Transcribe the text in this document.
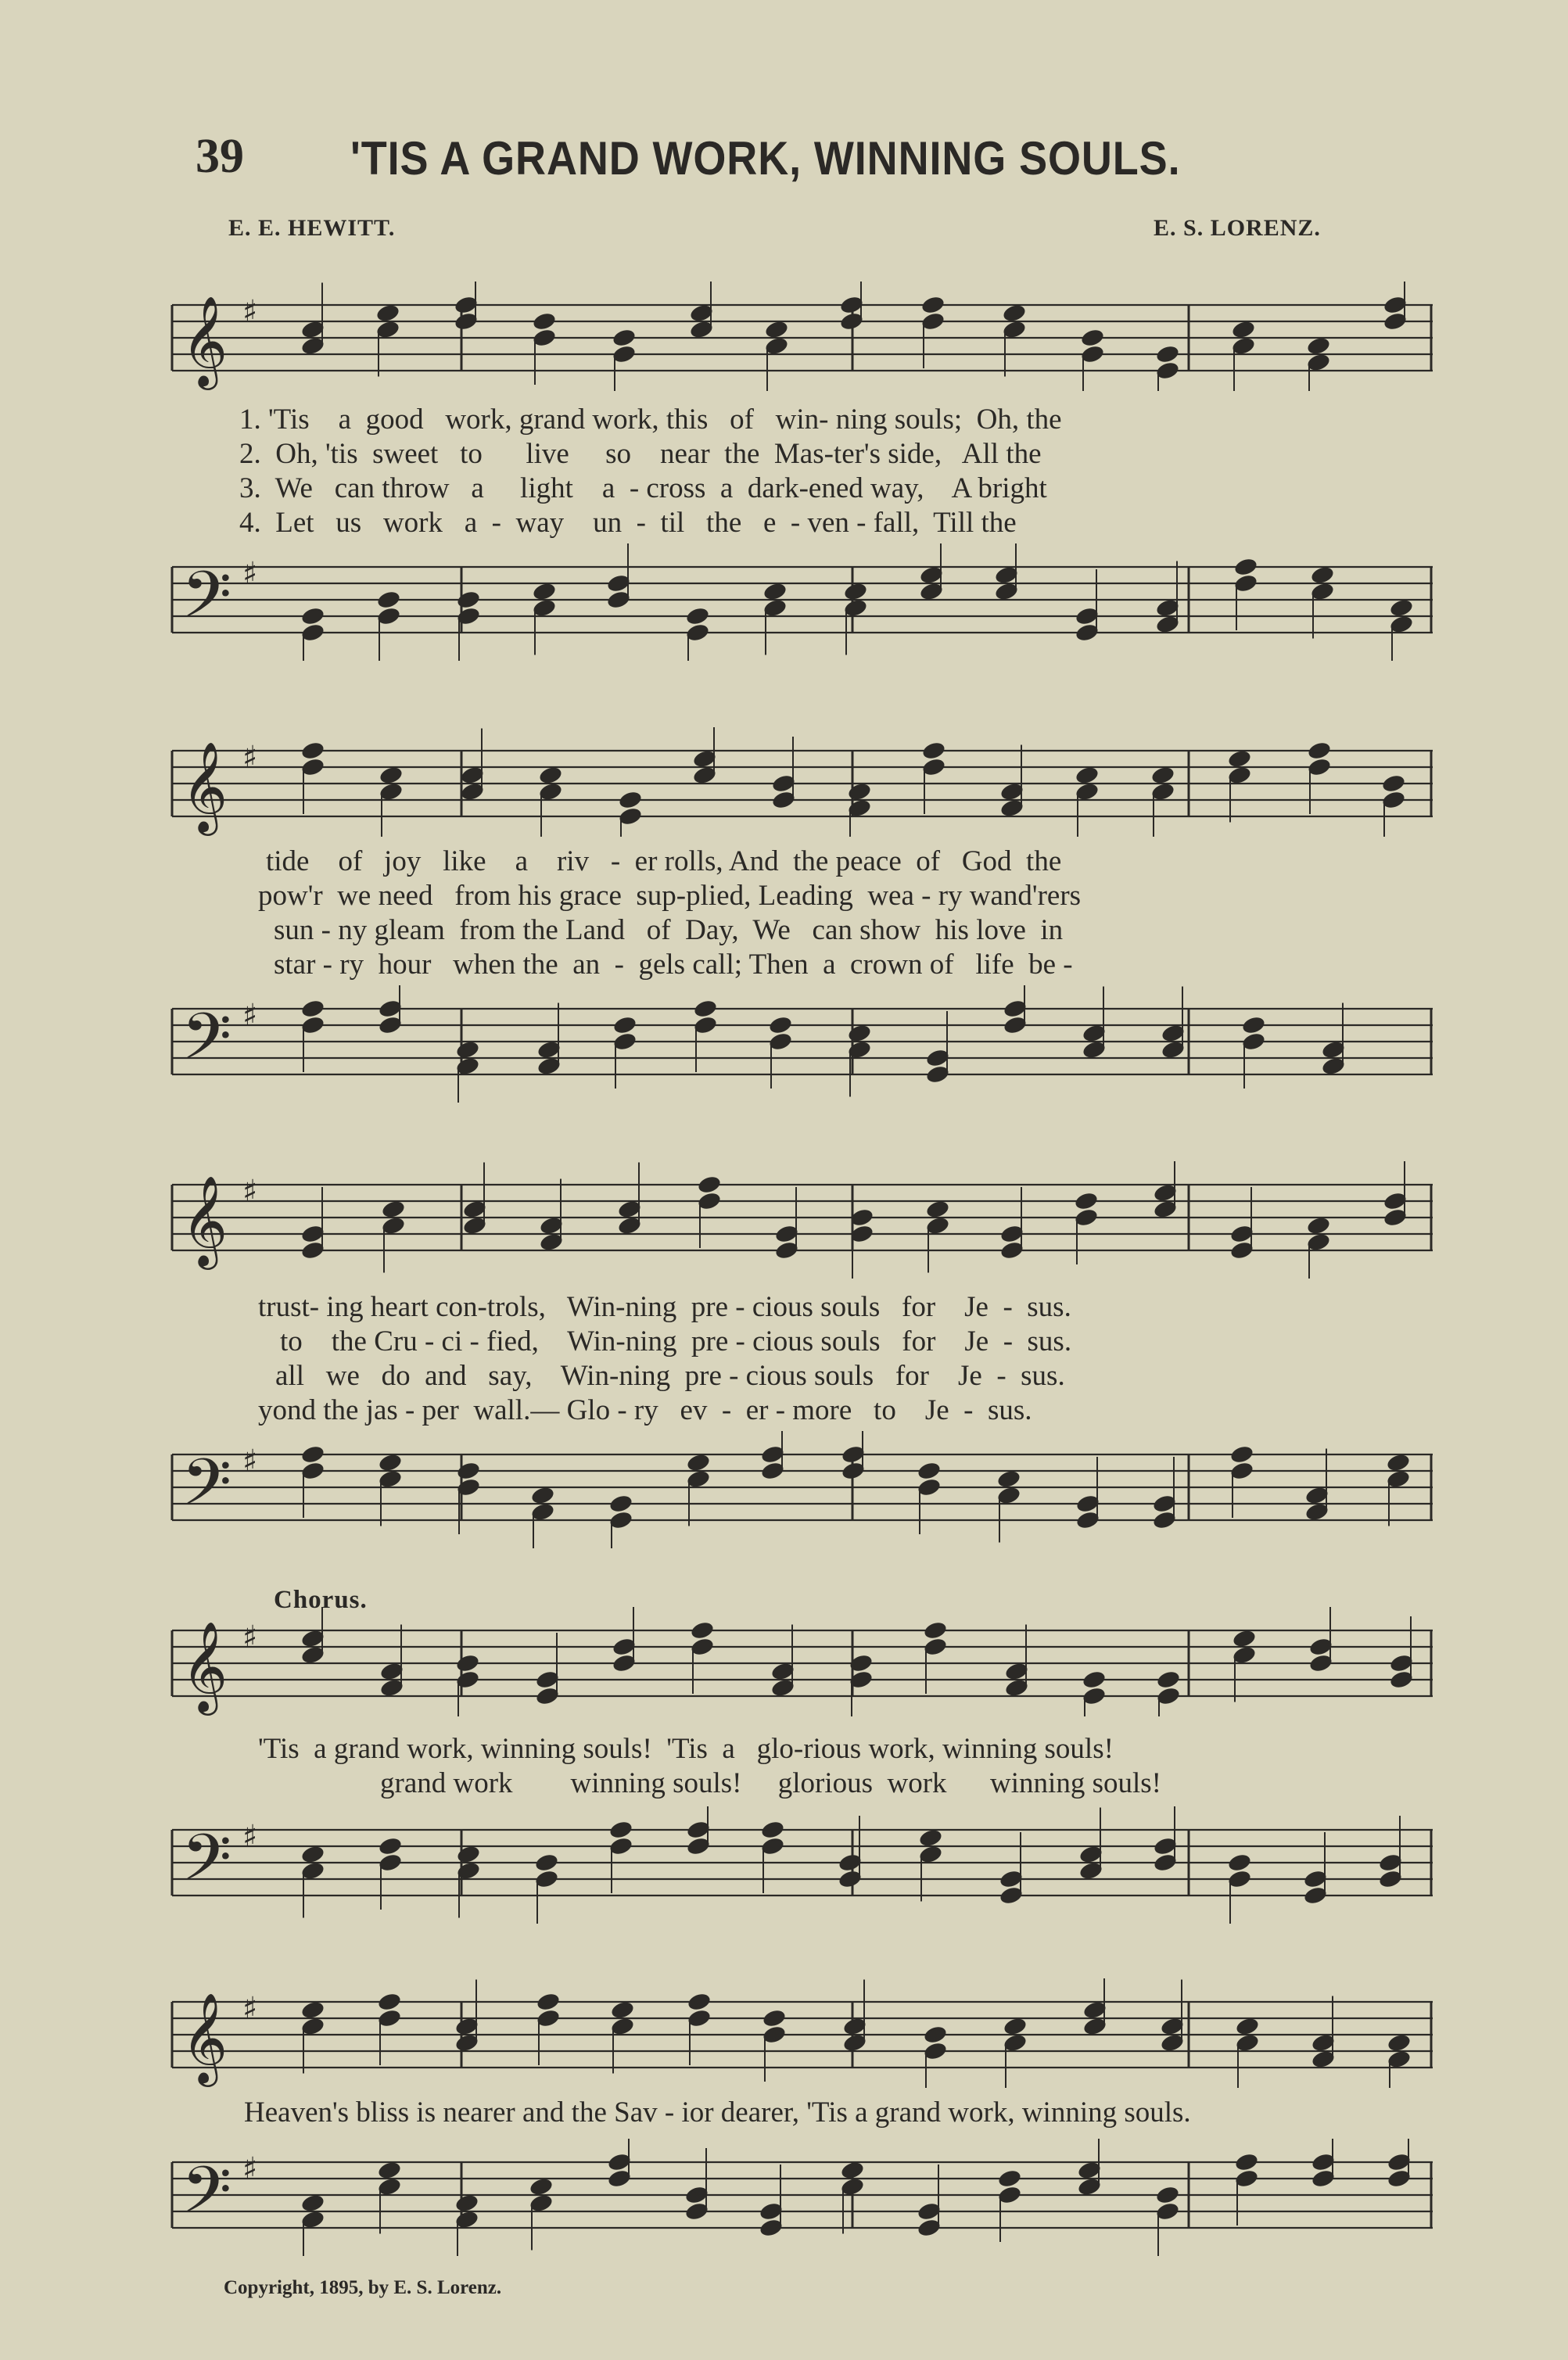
39 'TIS A GRAND WORK, WINNING SOULS.
E. E. HEWITT.	E. S. LORENZ.
𝄞 ♯
1. 'Tis    a  good   work, grand work, this   of   win- ning souls;  Oh, the
2.  Oh, 'tis  sweet   to      live     so    near  the  Mas-ter's side,   All the
3.  We   can throw   a     light    a  - cross  a  dark-ened way,    A bright
4.  Let   us   work   a  -  way    un  -  til   the   e  - ven - fall,  Till the
𝄢 ♯
𝄞 ♯
tide    of   joy   like    a    riv   -  er rolls, And  the peace  of   God  the
pow'r  we need   from his grace  sup-plied, Leading  wea - ry wand'rers
sun - ny gleam  from the Land   of  Day,  We   can show  his love  in
star - ry  hour   when the  an  -  gels call; Then  a  crown of   life  be -
𝄢 ♯
𝄞 ♯
trust- ing heart con-trols,   Win-ning  pre - cious souls   for    Je  -  sus.
to    the Cru - ci - fied,    Win-ning  pre - cious souls   for    Je  -  sus.
all   we   do  and   say,    Win-ning  pre - cious souls   for    Je  -  sus.
yond the jas - per  wall.— Glo - ry   ev  -  er - more   to    Je  -  sus.
𝄢 ♯
Chorus.
𝄞 ♯
'Tis  a grand work, winning souls!  'Tis  a   glo-rious work, winning souls!
grand work        winning souls!     glorious  work      winning souls!
𝄢 ♯
𝄞 ♯
Heaven's bliss is nearer and the Sav - ior dearer, 'Tis a grand work, winning souls.
𝄢 ♯
Copyright, 1895, by E. S. Lorenz.
